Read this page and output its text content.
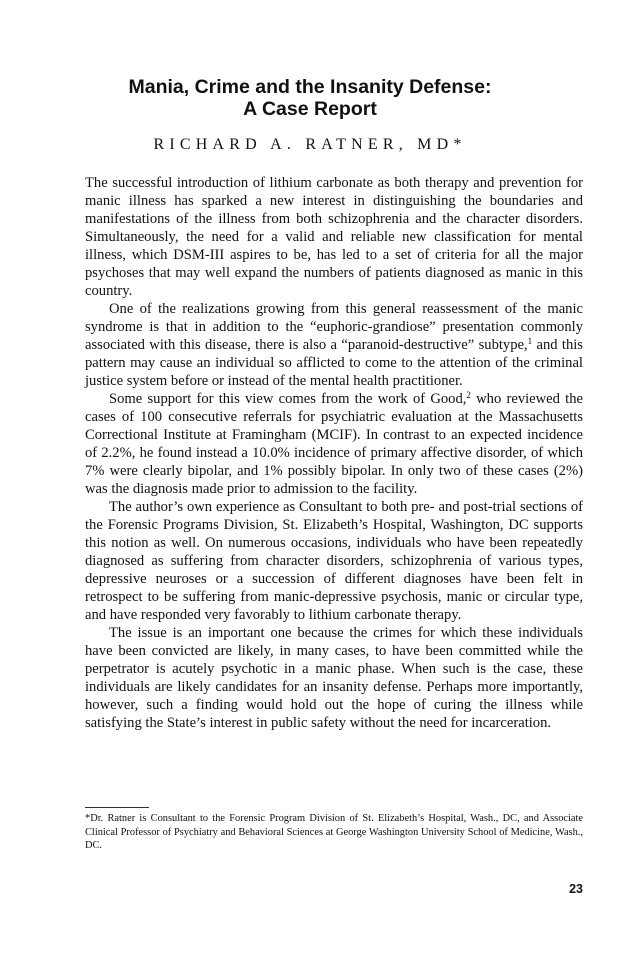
Mania, Crime and the Insanity Defense:
A Case Report
RICHARD A. RATNER, MD*

The successful introduction of lithium carbonate as both therapy and prevention for manic illness has sparked a new interest in distinguishing the boundaries and manifestations of the illness from both schizophrenia and the character disorders. Simultaneously, the need for a valid and reliable new classification for mental illness, which DSM-III aspires to be, has led to a set of criteria for all the major psychoses that may well expand the numbers of patients diagnosed as manic in this country.

One of the realizations growing from this general reassessment of the manic syndrome is that in addition to the “euphoric-grandiose” presentation commonly associated with this disease, there is also a “paranoid-destructive” subtype,$^1$ and this pattern may cause an individual so afflicted to come to the attention of the criminal justice system before or instead of the mental health practitioner.

Some support for this view comes from the work of Good,$^2$ who reviewed the cases of 100 consecutive referrals for psychiatric evaluation at the Massachusetts Correctional Institute at Framingham (MCIF). In contrast to an expected incidence of 2.2%, he found instead a 10.0% incidence of primary affective disorder, of which 7% were clearly bipolar, and 1% possibly bipolar. In only two of these cases (2%) was the diagnosis made prior to admission to the facility.

The author’s own experience as Consultant to both pre- and post-trial sections of the Forensic Programs Division, St. Elizabeth’s Hospital, Washington, DC supports this notion as well. On numerous occasions, individuals who have been repeatedly diagnosed as suffering from character disorders, schizophrenia of various types, depressive neuroses or a succession of different diagnoses have been felt in retrospect to be suffering from manic-depressive psychosis, manic or circular type, and have responded very favorably to lithium carbonate therapy.

The issue is an important one because the crimes for which these individuals have been convicted are likely, in many cases, to have been committed while the perpetrator is acutely psychotic in a manic phase. When such is the case, these individuals are likely candidates for an insanity defense. Perhaps more importantly, however, such a finding would hold out the hope of curing the illness while satisfying the State’s interest in public safety without the need for incarceration.

*Dr. Ratner is Consultant to the Forensic Program Division of St. Elizabeth’s Hospital, Wash., DC, and Associate Clinical Professor of Psychiatry and Behavioral Sciences at George Washington University School of Medicine, Wash., DC.
23
